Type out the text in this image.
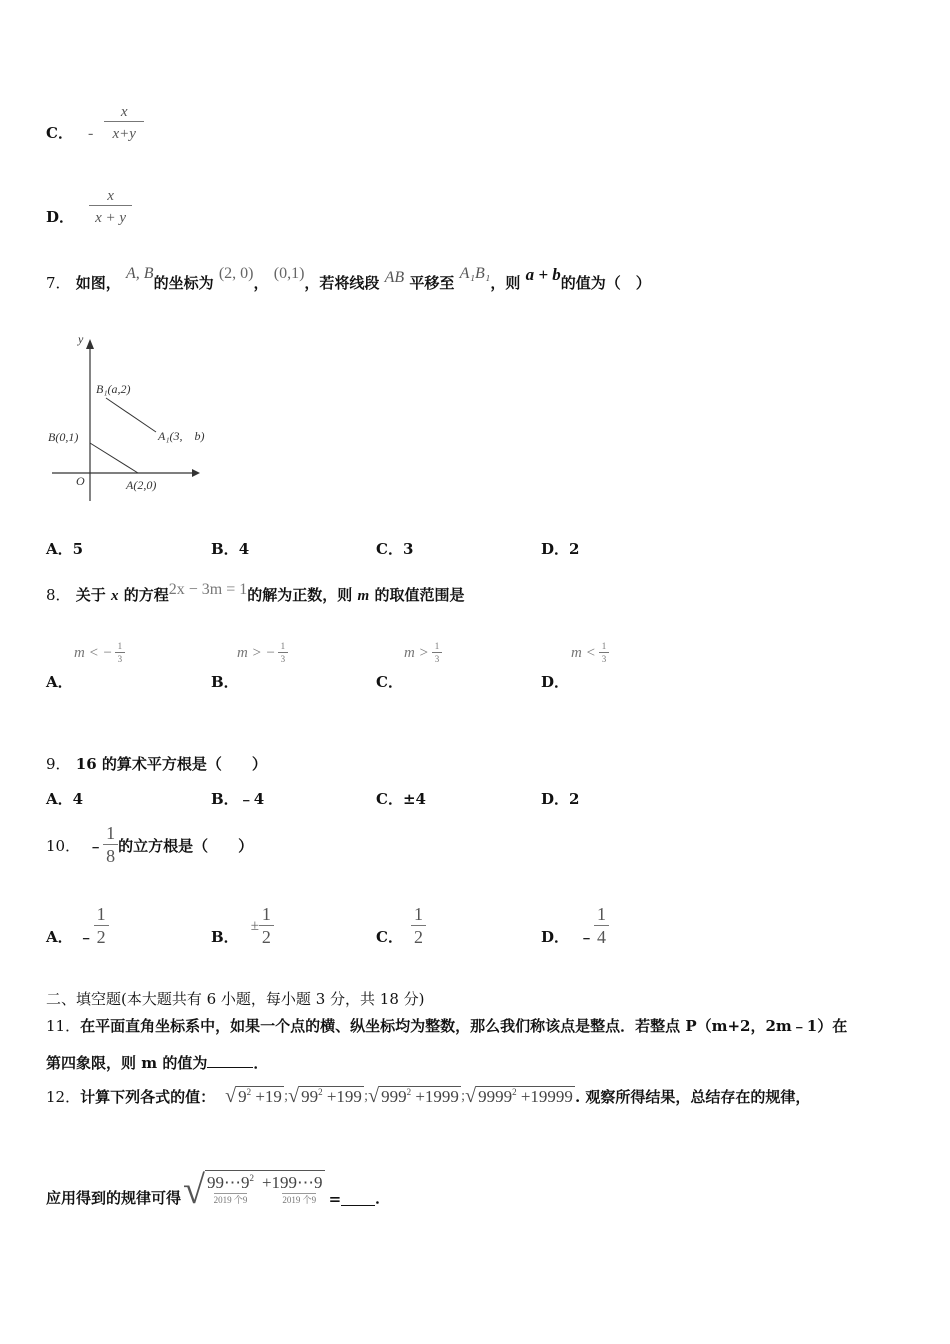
C． - $\frac{x}{x+y}$
D． $\frac{x}{x + y}$
7． 如图， A, B的坐标为 (2, 0)， (0,1)，若将线段 AB 平移至 A₁B₁，则 a + b的值为（　）
y
O
B₁(a,2)
A₁(3,　b)
B(0,1)
A(2,0)
A．5	B．4	C．3	D．2
8． 关于 x 的方程2x − 3m = 1的解为正数，则 m 的取值范围是
m < − $\frac{1}{3}$
A．
m > − $\frac{1}{3}$
B．
$m > \frac{1}{3}$
C．
$m < \frac{1}{3}$
D．
9． 16 的算术平方根是（　　）
A．4	B．﹣4	C．±4	D．2
10． ﹣ $\frac{1}{8}$ 的立方根是（　　）
A． ﹣ $\frac{1}{2}$	B．
± $\frac{1}{2}$	C． $\frac{1}{2}$	D． ﹣ $\frac{1}{4}$
二、填空题(本大题共有 6 小题，每小题 3 分，共 18 分)
11．在平面直角坐标系中，如果一个点的横、纵坐标均为整数，那么我们称该点是整点．若整点 P（m+2，2m﹣1）在
第四象限，则 m 的值为	．
12． 计算下列各式的值： √ $9^2 +19$ ; √ $99^2 +199$ ; √ $999^2 +1999$ ; √ $9999^2 +19999$ . 观察所得结果，总结存在的规律，
应用得到的规律可得 √ $99\cdots 9^2$
2019 个9
+199⋯9
2019 个9 = ．
